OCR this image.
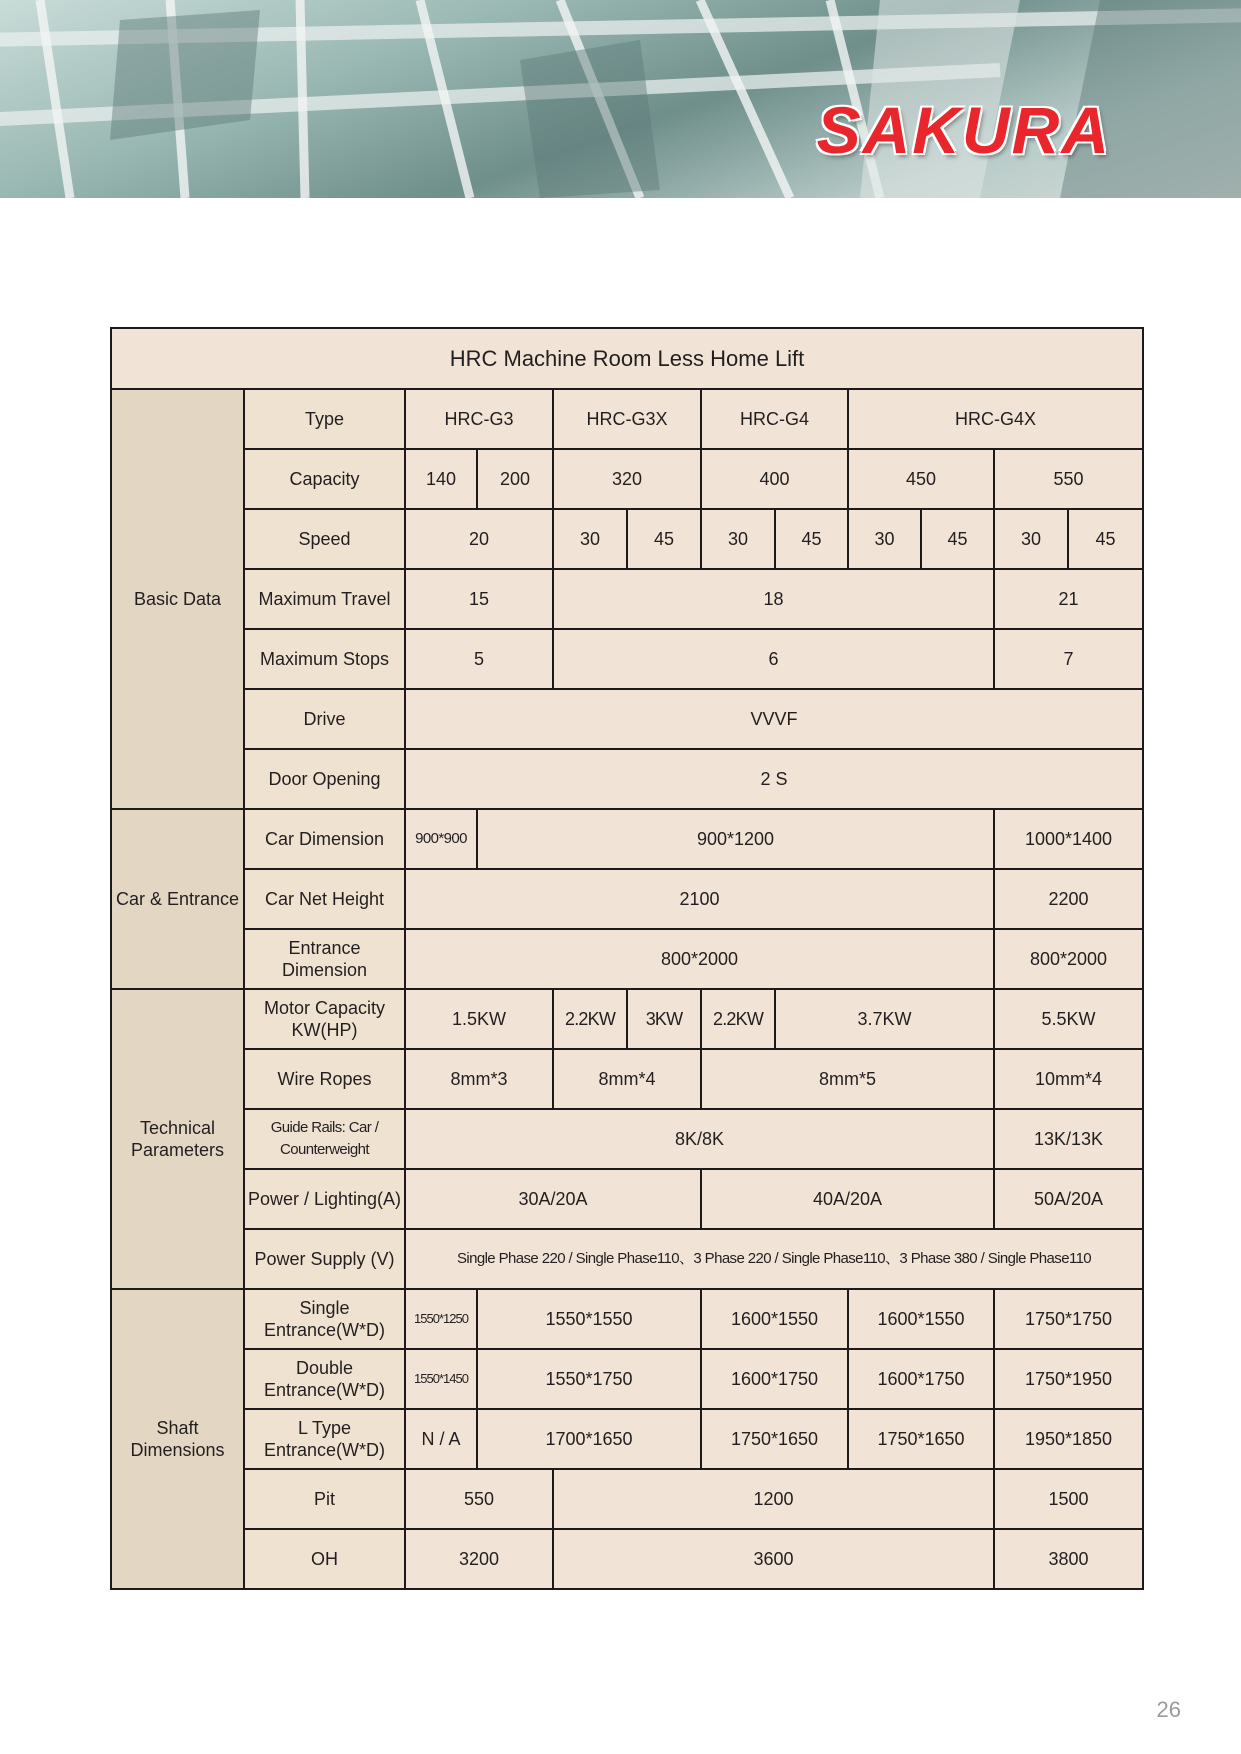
SAKURA
HRC Machine Room Less Home Lift											
Basic Data	Type	HRC-G3		HRC-G3X		HRC-G4		HRC-G4X			
	Capacity	140	200	320		400		450		550	
	Speed	20		30	45	30	45	30	45	30	45
	Maximum Travel	15		18						21	
	Maximum Stops	5		6						7	
	Drive	VVVF									
	Door Opening	2 S									
Car & Entrance	Car Dimension	900*900	900*1200							1000*1400	
	Car Net Height	2100								2200	
	Entrance Dimension	800*2000								800*2000	
Technical Parameters	Motor Capacity KW(HP)	1.5KW		2.2KW	3KW	2.2KW	3.7KW			5.5KW	
	Wire Ropes	8mm*3		8mm*4		8mm*5				10mm*4	
	Guide Rails: Car / Counterweight	8K/8K								13K/13K	
	Power / Lighting(A)	30A/20A				40A/20A				50A/20A	
	Power Supply (V)	Single Phase 220 / Single Phase110、3 Phase 220 / Single Phase110、3 Phase 380 / Single Phase110									
Shaft Dimensions	Single Entrance(W*D)	1550*1250	1550*1550			1600*1550		1600*1550		1750*1750	
	Double Entrance(W*D)	1550*1450	1550*1750			1600*1750		1600*1750		1750*1950	
	L Type Entrance(W*D)	N / A	1700*1650			1750*1650		1750*1650		1950*1850	
	Pit	550		1200						1500	
	OH	3200		3600						3800	
26
